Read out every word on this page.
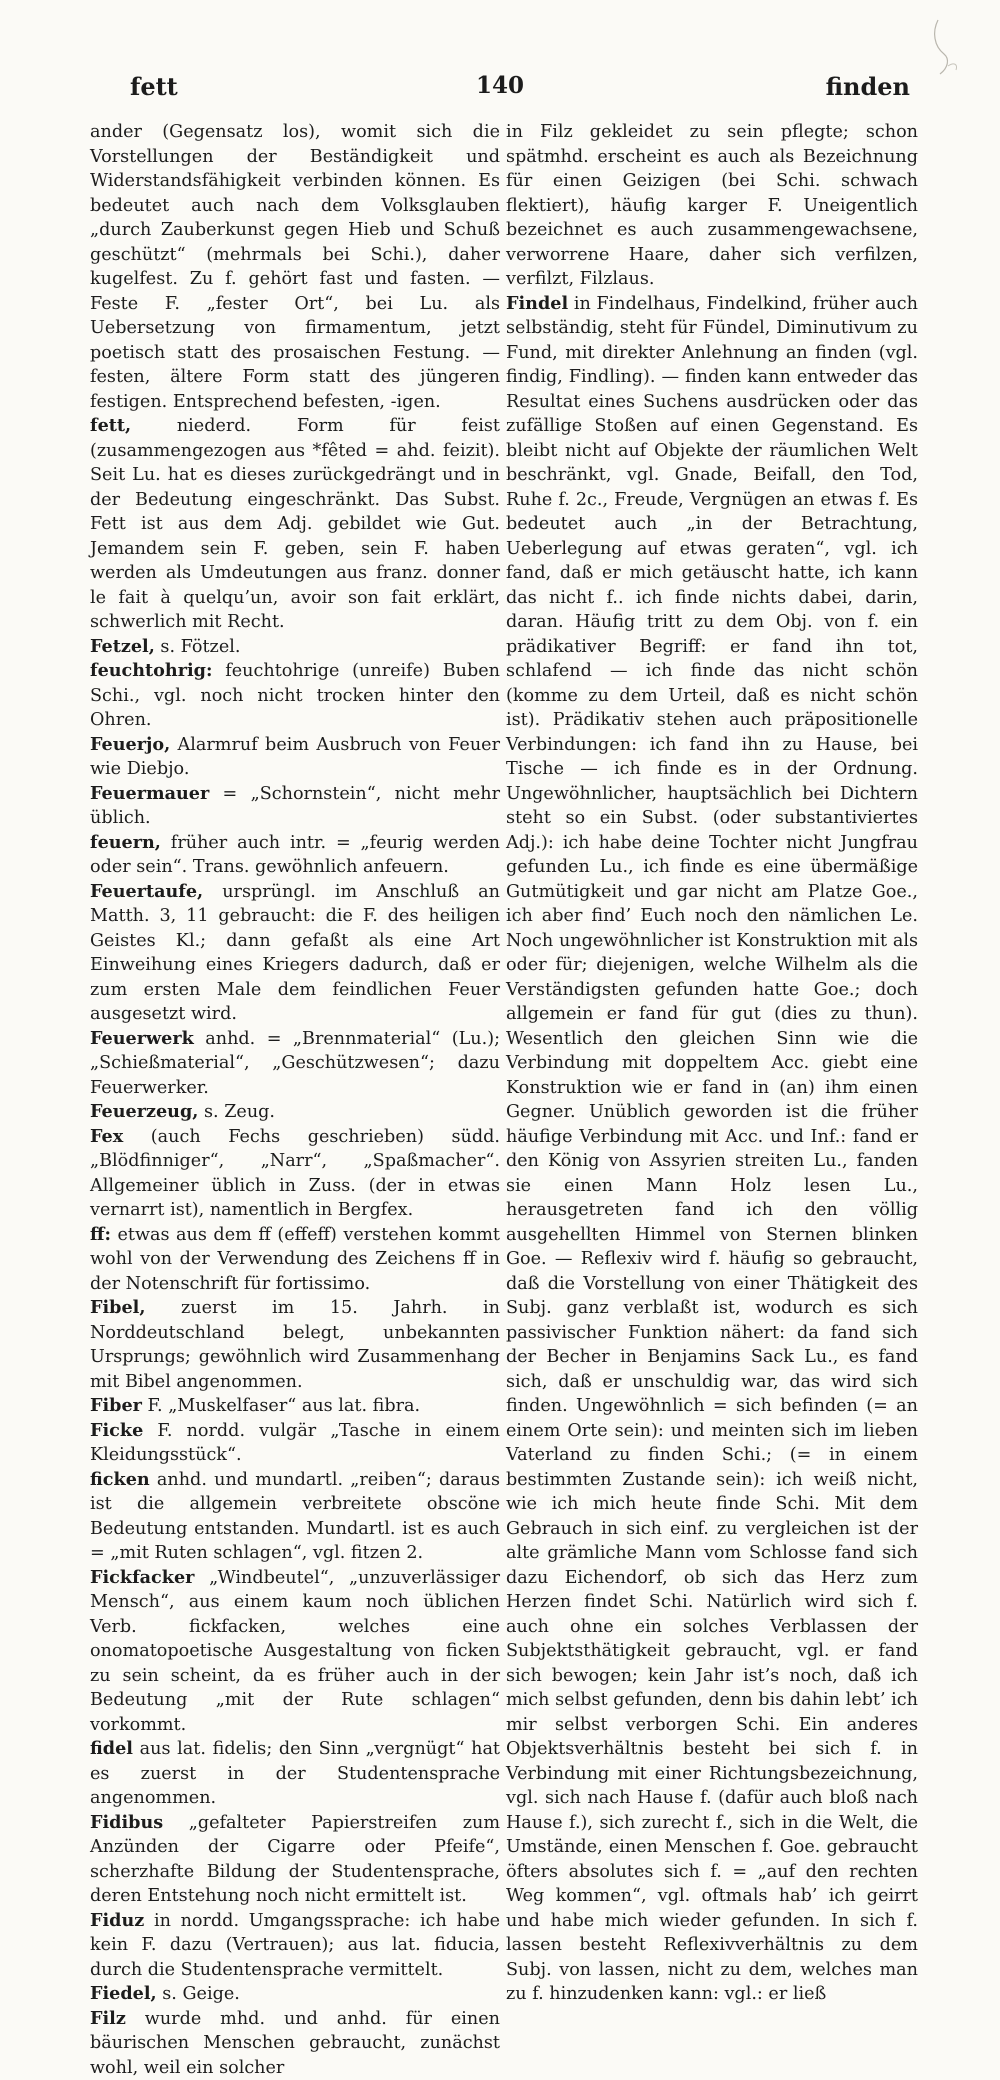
fett	140	finden

ander (Gegensatz los), womit sich die Vorstellungen der Beständigkeit und Widerstandsfähigkeit verbinden können. Es bedeutet auch nach dem Volksglauben „durch Zauberkunst gegen Hieb und Schuß geschützt“ (mehrmals bei Schi.), daher kugelfest. Zu f. gehört fast und fasten. — Feste F. „fester Ort“, bei Lu. als Uebersetzung von firmamentum, jetzt poetisch statt des prosaischen Festung. — festen, ältere Form statt des jüngeren festigen. Entsprechend befesten, -igen.

fett, niederd. Form für feist (zusammengezogen aus *fêted = ahd. feizit). Seit Lu. hat es dieses zurückgedrängt und in der Bedeutung eingeschränkt. Das Subst. Fett ist aus dem Adj. gebildet wie Gut. Jemandem sein F. geben, sein F. haben werden als Umdeutungen aus franz. donner le fait à quelqu’un, avoir son fait erklärt, schwerlich mit Recht.

Fetzel, s. Fötzel.

feuchtohrig: feuchtohrige (unreife) Buben Schi., vgl. noch nicht trocken hinter den Ohren.

Feuerjo, Alarmruf beim Ausbruch von Feuer wie Diebjo.

Feuermauer = „Schornstein“, nicht mehr üblich.

feuern, früher auch intr. = „feurig werden oder sein“. Trans. gewöhnlich anfeuern.

Feuertaufe, ursprüngl. im Anschluß an Matth. 3, 11 gebraucht: die F. des heiligen Geistes Kl.; dann gefaßt als eine Art Einweihung eines Kriegers dadurch, daß er zum ersten Male dem feindlichen Feuer ausgesetzt wird.

Feuerwerk anhd. = „Brennmaterial“ (Lu.); „Schießmaterial“, „Geschützwesen“; dazu Feuerwerker.

Feuerzeug, s. Zeug.

Fex (auch Fechs geschrieben) südd. „Blödfinniger“, „Narr“, „Spaßmacher“. Allgemeiner üblich in Zuss. (der in etwas vernarrt ist), namentlich in Bergfex.

ff: etwas aus dem ff (effeff) verstehen kommt wohl von der Verwendung des Zeichens ff in der Notenschrift für fortissimo.

Fibel, zuerst im 15. Jahrh. in Norddeutschland belegt, unbekannten Ursprungs; gewöhnlich wird Zusammenhang mit Bibel angenommen.

Fiber F. „Muskelfaser“ aus lat. fibra.

Ficke F. nordd. vulgär „Tasche in einem Kleidungsstück“.

ficken anhd. und mundartl. „reiben“; daraus ist die allgemein verbreitete obscöne Bedeutung entstanden. Mundartl. ist es auch = „mit Ruten schlagen“, vgl. fitzen 2.

Fickfacker „Windbeutel“, „unzuverlässiger Mensch“, aus einem kaum noch üblichen Verb. fickfacken, welches eine onomatopoetische Ausgestaltung von ficken zu sein scheint, da es früher auch in der Bedeutung „mit der Rute schlagen“ vorkommt.

fidel aus lat. fidelis; den Sinn „vergnügt“ hat es zuerst in der Studentensprache angenommen.

Fidibus „gefalteter Papierstreifen zum Anzünden der Cigarre oder Pfeife“, scherzhafte Bildung der Studentensprache, deren Entstehung noch nicht ermittelt ist.

Fiduz in nordd. Umgangssprache: ich habe kein F. dazu (Vertrauen); aus lat. fiducia, durch die Studentensprache vermittelt.

Fiedel, s. Geige.

Filz wurde mhd. und anhd. für einen bäurischen Menschen gebraucht, zunächst wohl, weil ein solcher

in Filz gekleidet zu sein pflegte; schon spätmhd. erscheint es auch als Bezeichnung für einen Geizigen (bei Schi. schwach flektiert), häufig karger F. Uneigentlich bezeichnet es auch zusammengewachsene, verworrene Haare, daher sich verfilzen, verfilzt, Filzlaus.

Findel in Findelhaus, Findelkind, früher auch selbständig, steht für Fündel, Diminutivum zu Fund, mit direkter Anlehnung an finden (vgl. findig, Findling). — finden kann entweder das Resultat eines Suchens ausdrücken oder das zufällige Stoßen auf einen Gegenstand. Es bleibt nicht auf Objekte der räumlichen Welt beschränkt, vgl. Gnade, Beifall, den Tod, Ruhe f. 2c., Freude, Vergnügen an etwas f. Es bedeutet auch „in der Betrachtung, Ueberlegung auf etwas geraten“, vgl. ich fand, daß er mich getäuscht hatte, ich kann das nicht f.. ich finde nichts dabei, darin, daran. Häufig tritt zu dem Obj. von f. ein prädikativer Begriff: er fand ihn tot, schlafend — ich finde das nicht schön (komme zu dem Urteil, daß es nicht schön ist). Prädikativ stehen auch präpositionelle Verbindungen: ich fand ihn zu Hause, bei Tische — ich finde es in der Ordnung. Ungewöhnlicher, hauptsächlich bei Dichtern steht so ein Subst. (oder substantiviertes Adj.): ich habe deine Tochter nicht Jungfrau gefunden Lu., ich finde es eine übermäßige Gutmütigkeit und gar nicht am Platze Goe., ich aber find’ Euch noch den nämlichen Le. Noch ungewöhnlicher ist Konstruktion mit als oder für; diejenigen, welche Wilhelm als die Verständigsten gefunden hatte Goe.; doch allgemein er fand für gut (dies zu thun). Wesentlich den gleichen Sinn wie die Verbindung mit doppeltem Acc. giebt eine Konstruktion wie er fand in (an) ihm einen Gegner. Unüblich geworden ist die früher häufige Verbindung mit Acc. und Inf.: fand er den König von Assyrien streiten Lu., fanden sie einen Mann Holz lesen Lu., herausgetreten fand ich den völlig ausgehellten Himmel von Sternen blinken Goe. — Reflexiv wird f. häufig so gebraucht, daß die Vorstellung von einer Thätigkeit des Subj. ganz verblaßt ist, wodurch es sich passivischer Funktion nähert: da fand sich der Becher in Benjamins Sack Lu., es fand sich, daß er unschuldig war, das wird sich finden. Ungewöhnlich = sich befinden (= an einem Orte sein): und meinten sich im lieben Vaterland zu finden Schi.; (= in einem bestimmten Zustande sein): ich weiß nicht, wie ich mich heute finde Schi. Mit dem Gebrauch in sich einf. zu vergleichen ist der alte grämliche Mann vom Schlosse fand sich dazu Eichendorf, ob sich das Herz zum Herzen findet Schi. Natürlich wird sich f. auch ohne ein solches Verblassen der Subjektsthätigkeit gebraucht, vgl. er fand sich bewogen; kein Jahr ist’s noch, daß ich mich selbst gefunden, denn bis dahin lebt’ ich mir selbst verborgen Schi. Ein anderes Objektsverhältnis besteht bei sich f. in Verbindung mit einer Richtungsbezeichnung, vgl. sich nach Hause f. (dafür auch bloß nach Hause f.), sich zurecht f., sich in die Welt, die Umstände, einen Menschen f. Goe. gebraucht öfters absolutes sich f. = „auf den rechten Weg kommen“, vgl. oftmals hab’ ich geirrt und habe mich wieder gefunden. In sich f. lassen besteht Reflexivverhältnis zu dem Subj. von lassen, nicht zu dem, welches man zu f. hinzudenken kann: vgl.: er ließ
